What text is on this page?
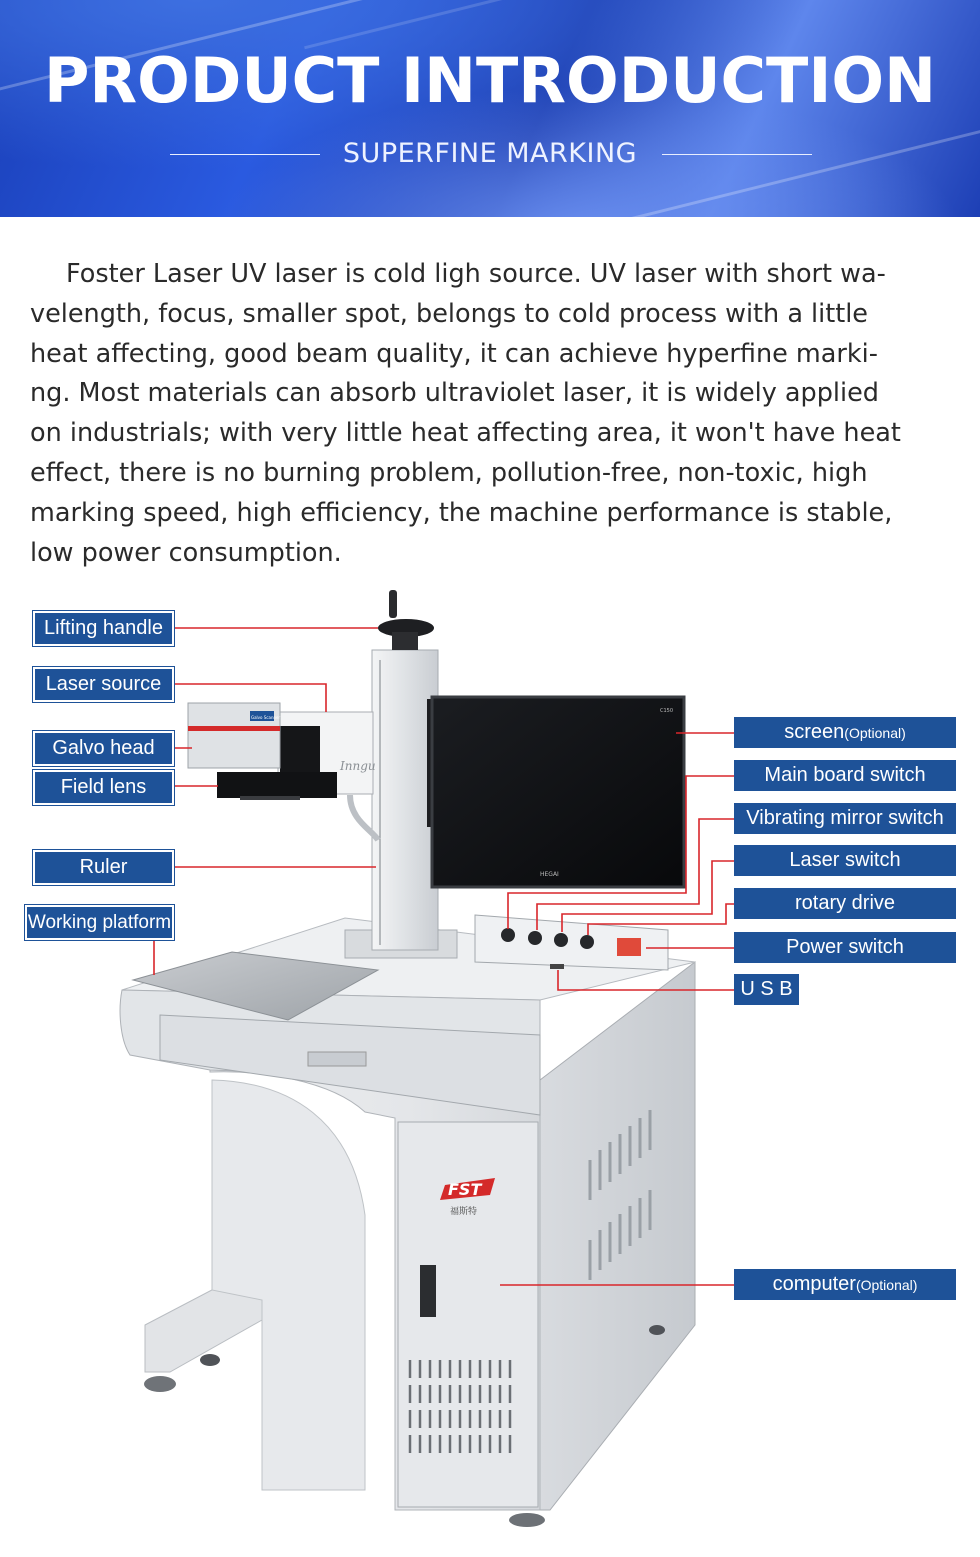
PRODUCT INTRODUCTION
SUPERFINE MARKING

Foster Laser UV laser is cold ligh source. UV laser with short wa-
velength, focus, smaller spot, belongs to cold process with a little
heat affecting, good beam quality, it can achieve hyperfine marki-
ng. Most materials can absorb ultraviolet laser, it is widely applied
on industrials; with very little heat affecting area, it won't have heat
effect, there is no burning problem, pollution-free, non-toxic, high
marking speed, high efficiency, the machine performance is stable,
low power consumption.

FST
福斯特
Inngu
Galvo Scanner
C150
HEGAI
Lifting handle
Laser source
Galvo head
Field lens
Ruler
Working platform
screen(Optional)
Main board switch
Vibrating mirror switch
Laser switch
rotary drive
Power switch
U S B
computer(Optional)
